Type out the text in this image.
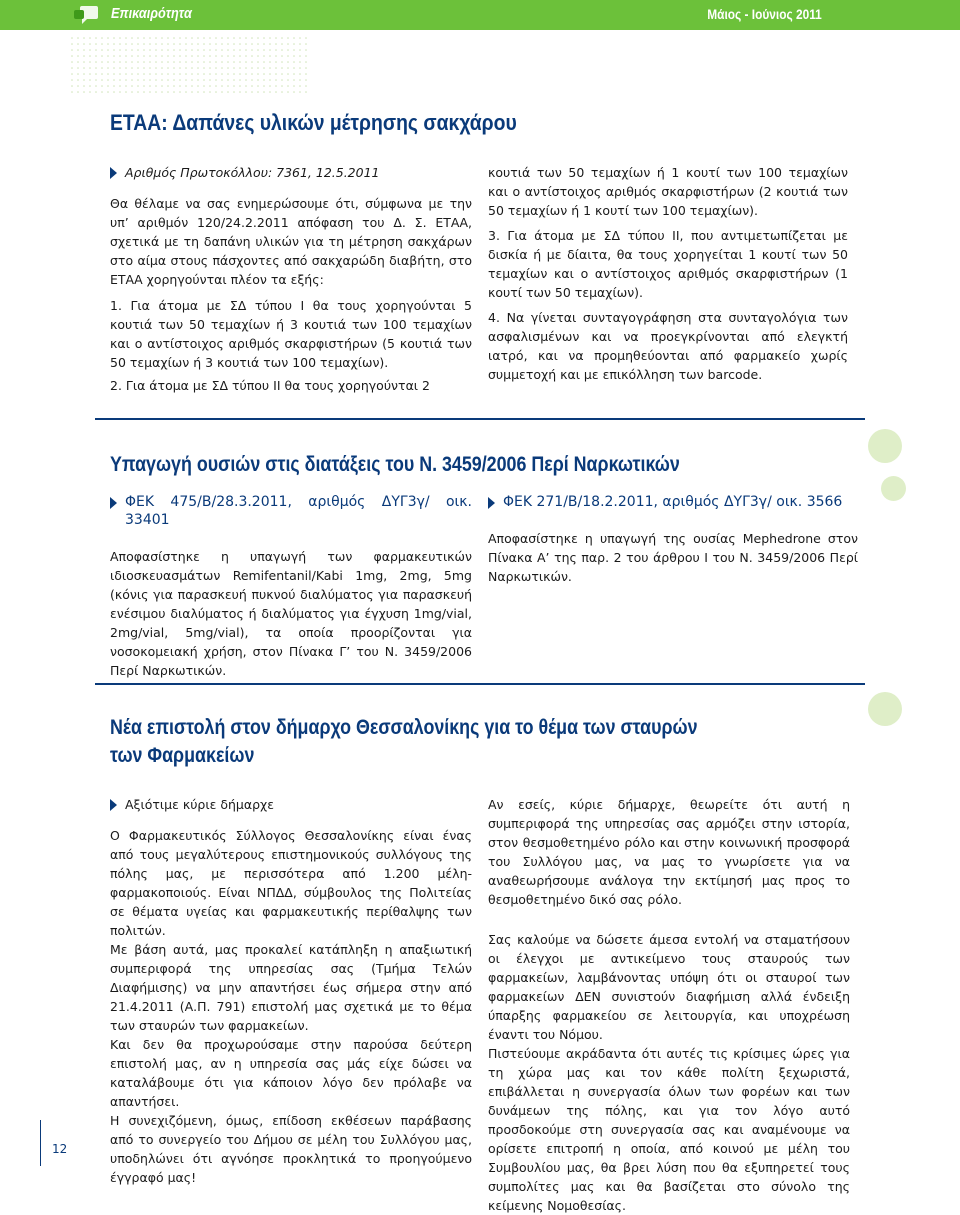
Επικαιρότητα	Μάιος - Ιούνιος 2011
ΕΤΑΑ: Δαπάνες υλικών μέτρησης σακχάρου
Αριθμός Πρωτοκόλλου: 7361, 12.5.2011

Θα θέλαμε να σας ενημερώσουμε ότι, σύμφωνα με την υπ’ αριθμόν 120/24.2.2011 απόφαση του Δ. Σ. ΕΤΑΑ, σχετικά με τη δαπάνη υλικών για τη μέτρηση σακχάρων στο αίμα στους πάσχοντες από σακχαρώδη διαβήτη, στο ΕΤΑΑ χορηγούνται πλέον τα εξής:

1. Για άτομα με ΣΔ τύπου Ι θα τους χορηγούνται 5 κουτιά των 50 τεμαχίων ή 3 κουτιά των 100 τεμαχίων και ο αντίστοιχος αριθμός σκαρφιστήρων (5 κουτιά των 50 τεμαχίων ή 3 κουτιά των 100 τεμαχίων).

2. Για άτομα με ΣΔ τύπου ΙΙ θα τους χορηγούνται 2

κουτιά των 50 τεμαχίων ή 1 κουτί των 100 τεμαχίων και ο αντίστοιχος αριθμός σκαρφιστήρων (2 κουτιά των 50 τεμαχίων ή 1 κουτί των 100 τεμαχίων).

3. Για άτομα με ΣΔ τύπου ΙΙ, που αντιμετωπίζεται με δισκία ή με δίαιτα, θα τους χορηγείται 1 κουτί των 50 τεμαχίων και ο αντίστοιχος αριθμός σκαρφιστήρων (1 κουτί των 50 τεμαχίων).

4. Να γίνεται συνταγογράφηση στα συνταγολόγια των ασφαλισμένων και να προεγκρίνονται από ελεγκτή ιατρό, και να προμηθεύονται από φαρμακείο χωρίς συμμετοχή και με επικόλληση των barcode.

Υπαγωγή ουσιών στις διατάξεις του Ν. 3459/2006 Περί Ναρκωτικών
ΦΕΚ 475/Β/28.3.2011, αριθμός ΔΥΓ3γ/ οικ. 33401

Αποφασίστηκε η υπαγωγή των φαρμακευτικών ιδιοσκευασμάτων Remifentanil/Kabi 1mg, 2mg, 5mg (κόνις για παρασκευή πυκνού διαλύματος για παρασκευή ενέσιμου διαλύματος ή διαλύματος για έγχυση 1mg/vial, 2mg/vial, 5mg/vial), τα οποία προορίζονται για νοσοκομειακή χρήση, στον Πίνακα Γ’ του Ν. 3459/2006 Περί Ναρκωτικών.

ΦΕΚ 271/Β/18.2.2011, αριθμός ΔΥΓ3γ/ οικ. 3566

Αποφασίστηκε η υπαγωγή της ουσίας Mephedrone στον Πίνακα Α’ της παρ. 2 του άρθρου Ι του Ν. 3459/2006 Περί Ναρκωτικών.

Νέα επιστολή στον δήμαρχο Θεσσαλονίκης για το θέμα των σταυρών
των Φαρμακείων
Αξιότιμε κύριε δήμαρχε

Ο Φαρμακευτικός Σύλλογος Θεσσαλονίκης είναι ένας από τους μεγαλύτερους επιστημονικούς συλλόγους της πόλης μας, με περισσότερα από 1.200 μέλη-φαρμακοποιούς. Είναι ΝΠΔΔ, σύμβουλος της Πολιτείας σε θέματα υγείας και φαρμακευτικής περίθαλψης των πολιτών.

Με βάση αυτά, μας προκαλεί κατάπληξη η απαξιωτική συμπεριφορά της υπηρεσίας σας (Τμήμα Τελών Διαφήμισης) να μην απαντήσει έως σήμερα στην από 21.4.2011 (Α.Π. 791) επιστολή μας σχετικά με το θέμα των σταυρών των φαρμακείων.

Και δεν θα προχωρούσαμε στην παρούσα δεύτερη επιστολή μας, αν η υπηρεσία σας μάς είχε δώσει να καταλάβουμε ότι για κάποιον λόγο δεν πρόλαβε να απαντήσει.

Η συνεχιζόμενη, όμως, επίδοση εκθέσεων παράβασης από το συνεργείο του Δήμου σε μέλη του Συλλόγου μας, υποδηλώνει ότι αγνόησε προκλητικά το προηγούμενο έγγραφό μας!

Αν εσείς, κύριε δήμαρχε, θεωρείτε ότι αυτή η συμπεριφορά της υπηρεσίας σας αρμόζει στην ιστορία, στον θεσμοθετημένο ρόλο και στην κοινωνική προσφορά του Συλλόγου μας, να μας το γνωρίσετε για να αναθεωρήσουμε ανάλογα την εκτίμησή μας προς το θεσμοθετημένο δικό σας ρόλο.

Σας καλούμε να δώσετε άμεσα εντολή να σταματήσουν οι έλεγχοι με αντικείμενο τους σταυρούς των φαρμακείων, λαμβάνοντας υπόψη ότι οι σταυροί των φαρμακείων ΔΕΝ συνιστούν διαφήμιση αλλά ένδειξη ύπαρξης φαρμακείου σε λειτουργία, και υποχρέωση έναντι του Νόμου.

Πιστεύουμε ακράδαντα ότι αυτές τις κρίσιμες ώρες για τη χώρα μας και τον κάθε πολίτη ξεχωριστά, επιβάλλεται η συνεργασία όλων των φορέων και των δυνάμεων της πόλης, και για τον λόγο αυτό προσδοκούμε στη συνεργασία σας και αναμένουμε να ορίσετε επιτροπή η οποία, από κοινού με μέλη του Συμβουλίου μας, θα βρει λύση που θα εξυπηρετεί τους συμπολίτες μας και θα βασίζεται στο σύνολο της κείμενης Νομοθεσίας.

12
